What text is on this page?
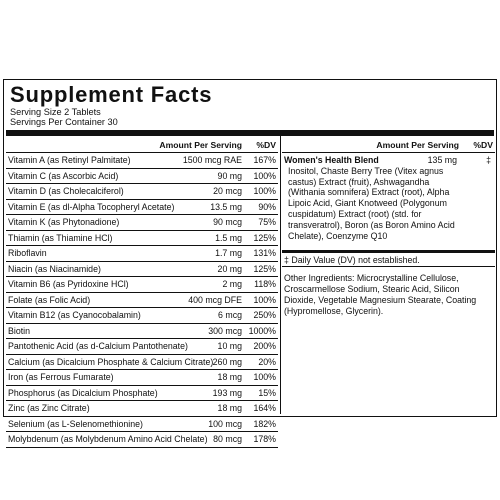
Supplement Facts
Serving Size 2 Tablets
Servings Per Container 30
Amount Per Serving %DV
Vitamin A (as Retinyl Palmitate)	1500 mcg RAE 167%
Vitamin C (as Ascorbic Acid)	90 mg 100%
Vitamin D (as Cholecalciferol)	20 mcg 100%
Vitamin E (as dl-Alpha Tocopheryl Acetate)	13.5 mg 90%
Vitamin K (as Phytonadione)	90 mcg 75%
Thiamin (as Thiamine HCl)	1.5 mg 125%
Riboflavin	1.7 mg 131%
Niacin (as Niacinamide)	20 mg 125%
Vitamin B6 (as Pyridoxine HCl)	2 mg 118%
Folate (as Folic Acid)	400 mcg DFE 100%
Vitamin B12 (as Cyanocobalamin)	6 mcg 250%
Biotin	300 mcg 1000%
Pantothenic Acid (as d-Calcium Pantothenate)	10 mg 200%
Calcium (as Dicalcium Phosphate & Calcium Citrate) 260 mg 20%
Iron (as Ferrous Fumarate)	18 mg 100%
Phosphorus (as Dicalcium Phosphate)	193 mg 15%
Zinc (as Zinc Citrate)	18 mg 164%
Selenium (as L-Selenomethionine)	100 mcg 182%
Molybdenum (as Molybdenum Amino Acid Chelate) 80 mcg 178%
Amount Per Serving %DV
Women's Health Blend	135 mg	‡
Inositol, Chaste Berry Tree (Vitex agnus castus) Extract (fruit), Ashwagandha (Withania somnifera) Extract (root), Alpha Lipoic Acid, Giant Knotweed (Polygonum cuspidatum) Extract (root) (std. for transveratrol), Boron (as Boron Amino Acid Chelate), Coenzyme Q10
‡ Daily Value (DV) not established.
Other Ingredients: Microcrystalline Cellulose, Croscarmellose Sodium, Stearic Acid, Silicon Dioxide, Vegetable Magnesium Stearate, Coating (Hypromellose, Glycerin).
